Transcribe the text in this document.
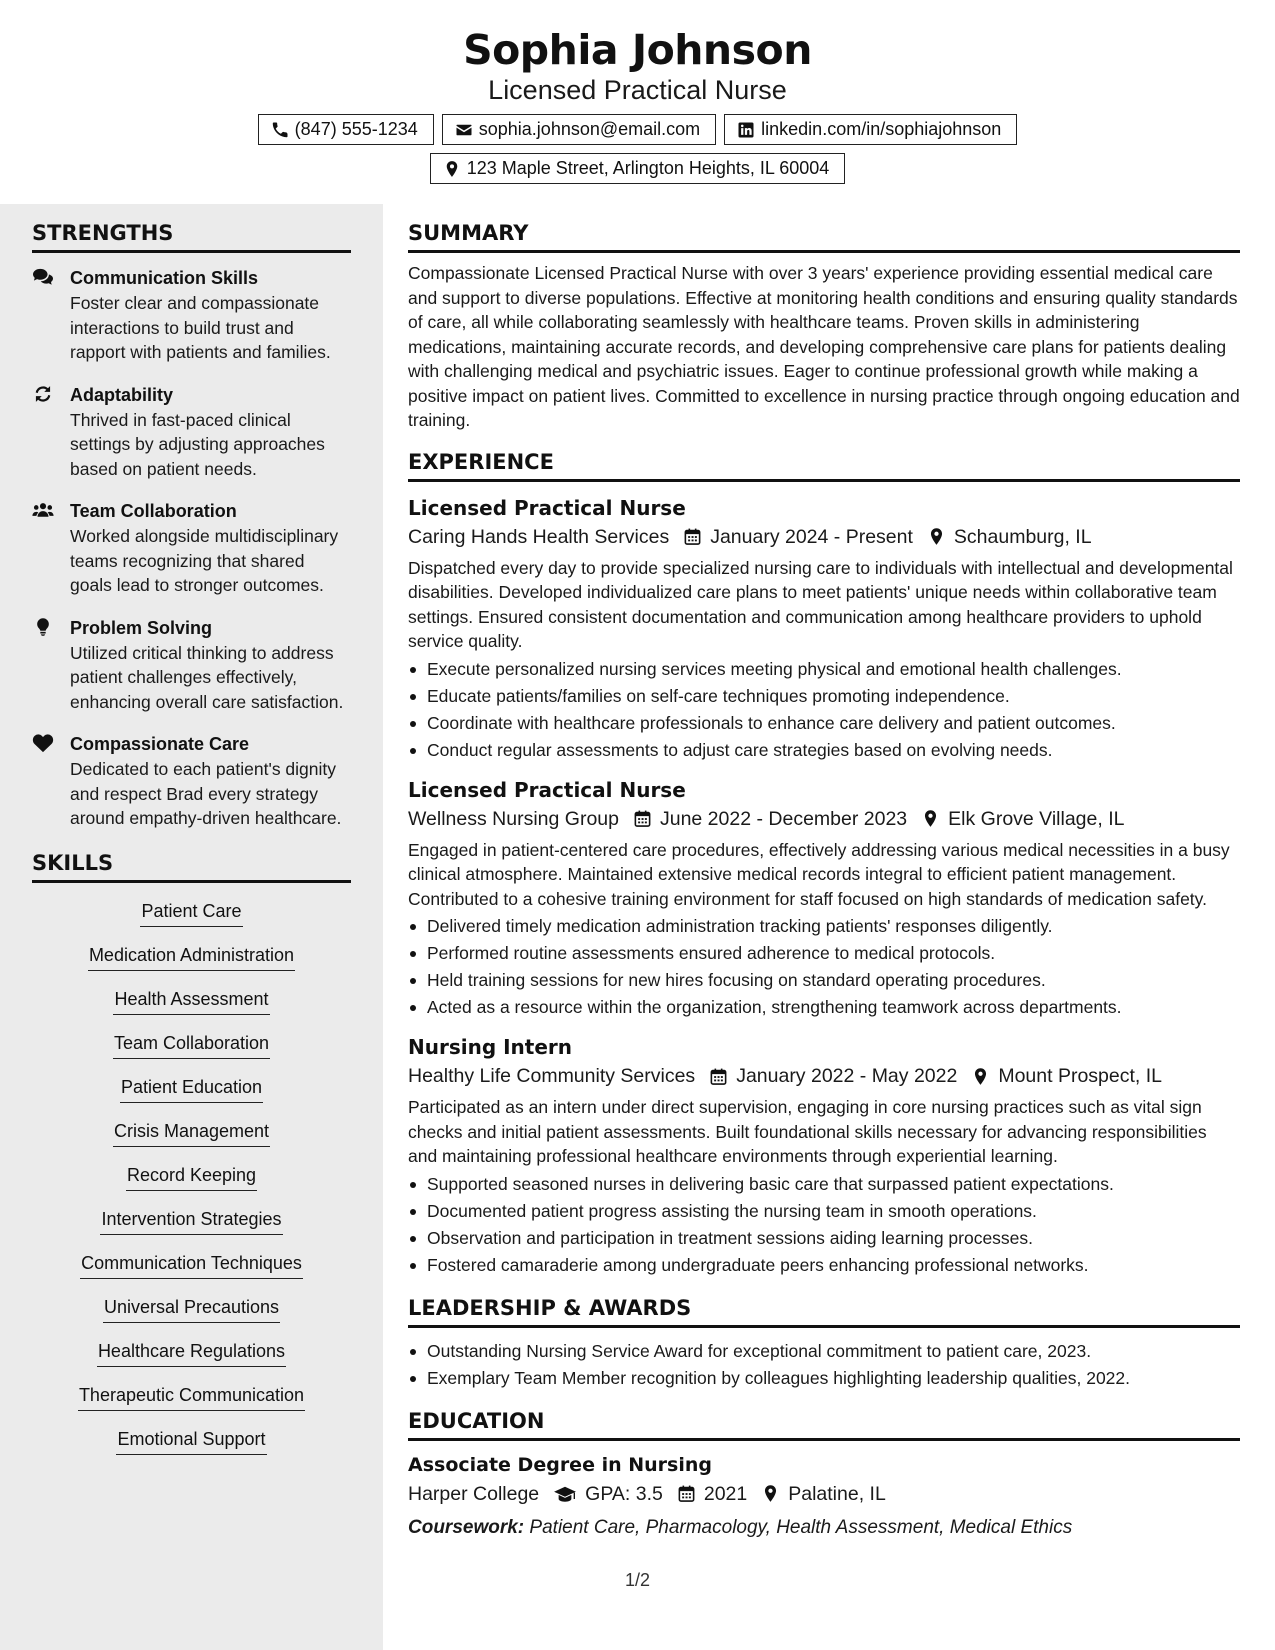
Sophia Johnson
Licensed Practical Nurse
(847) 555-1234	sophia.johnson@email.com	linkedin.com/in/sophiajohnson
123 Maple Street, Arlington Heights, IL 60004
STRENGTHS
Communication Skills
Foster clear and compassionate interactions to build trust and rapport with patients and families.
Adaptability
Thrived in fast-paced clinical settings by adjusting approaches based on patient needs.
Team Collaboration
Worked alongside multidisciplinary teams recognizing that shared goals lead to stronger outcomes.
Problem Solving
Utilized critical thinking to address patient challenges effectively, enhancing overall care satisfaction.
Compassionate Care
Dedicated to each patient's dignity and respect Brad every strategy around empathy-driven healthcare.
SKILLS
Patient Care
Medication Administration
Health Assessment
Team Collaboration
Patient Education
Crisis Management
Record Keeping
Intervention Strategies
Communication Techniques
Universal Precautions
Healthcare Regulations
Therapeutic Communication
Emotional Support
SUMMARY
Compassionate Licensed Practical Nurse with over 3 years' experience providing essential medical care and support to diverse populations. Effective at monitoring health conditions and ensuring quality standards of care, all while collaborating seamlessly with healthcare teams. Proven skills in administering medications, maintaining accurate records, and developing comprehensive care plans for patients dealing with challenging medical and psychiatric issues. Eager to continue professional growth while making a positive impact on patient lives. Committed to excellence in nursing practice through ongoing education and training.
EXPERIENCE
Licensed Practical Nurse
Caring Hands Health Services January 2024 - Present Schaumburg, IL
Dispatched every day to provide specialized nursing care to individuals with intellectual and developmental disabilities. Developed individualized care plans to meet patients' unique needs within collaborative team settings. Ensured consistent documentation and communication among healthcare providers to uphold service quality.
Execute personalized nursing services meeting physical and emotional health challenges.
Educate patients/families on self-care techniques promoting independence.
Coordinate with healthcare professionals to enhance care delivery and patient outcomes.
Conduct regular assessments to adjust care strategies based on evolving needs.
Licensed Practical Nurse
Wellness Nursing Group June 2022 - December 2023 Elk Grove Village, IL
Engaged in patient-centered care procedures, effectively addressing various medical necessities in a busy clinical atmosphere. Maintained extensive medical records integral to efficient patient management. Contributed to a cohesive training environment for staff focused on high standards of medication safety.
Delivered timely medication administration tracking patients' responses diligently.
Performed routine assessments ensured adherence to medical protocols.
Held training sessions for new hires focusing on standard operating procedures.
Acted as a resource within the organization, strengthening teamwork across departments.
Nursing Intern
Healthy Life Community Services January 2022 - May 2022 Mount Prospect, IL
Participated as an intern under direct supervision, engaging in core nursing practices such as vital sign checks and initial patient assessments. Built foundational skills necessary for advancing responsibilities and maintaining professional healthcare environments through experiential learning.
Supported seasoned nurses in delivering basic care that surpassed patient expectations.
Documented patient progress assisting the nursing team in smooth operations.
Observation and participation in treatment sessions aiding learning processes.
Fostered camaraderie among undergraduate peers enhancing professional networks.
LEADERSHIP & AWARDS
Outstanding Nursing Service Award for exceptional commitment to patient care, 2023.
Exemplary Team Member recognition by colleagues highlighting leadership qualities, 2022.
EDUCATION
Associate Degree in Nursing
Harper College GPA: 3.5 2021 Palatine, IL
Coursework: Patient Care, Pharmacology, Health Assessment, Medical Ethics
1/2
